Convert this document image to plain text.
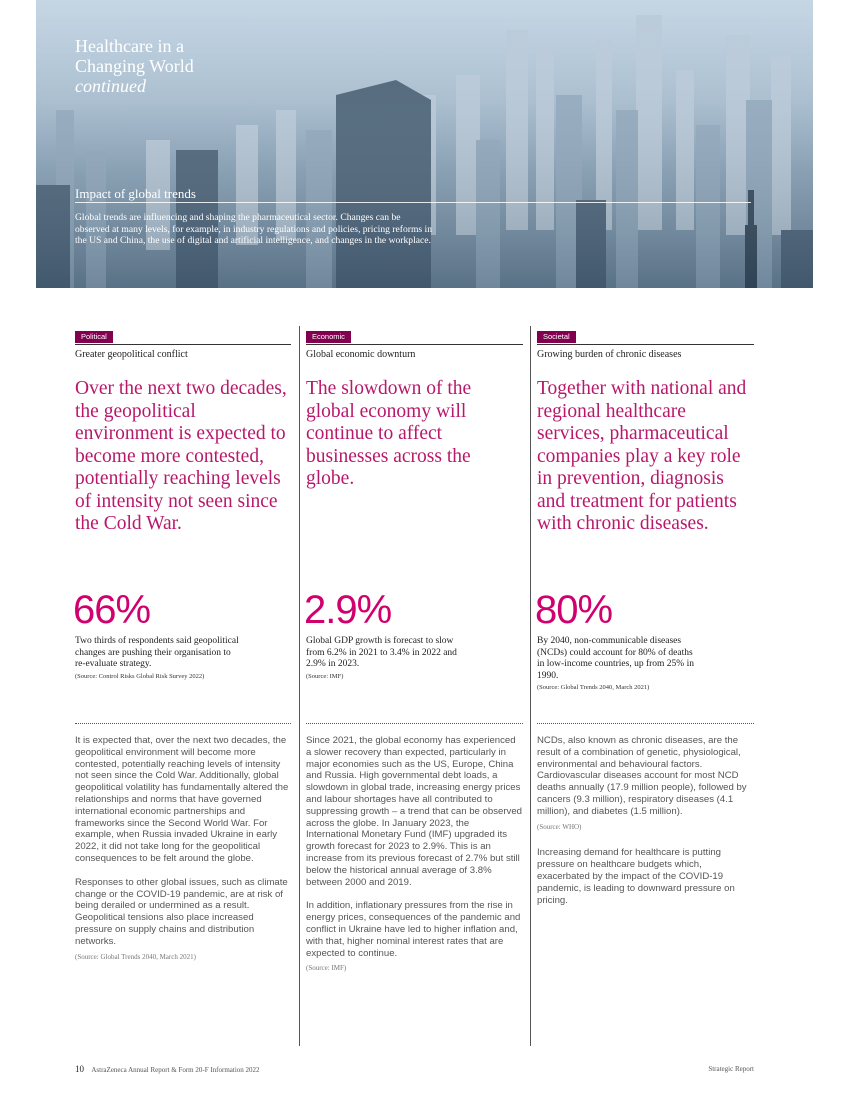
Healthcare in a
Changing World
continued
Impact of global trends
Global trends are influencing and shaping the pharmaceutical sector. Changes can be observed at many levels, for example, in industry regulations and policies, pricing reforms in the US and China, the use of digital and artificial intelligence, and changes in the workplace.
Political
Greater geopolitical conflict
Over the next two decades, the geopolitical environment is expected to become more contested, potentially reaching levels of intensity not seen since the Cold War.
66%
Two thirds of respondents said geopolitical changes are pushing their organisation to re-evaluate strategy.
(Source: Control Risks Global Risk Survey 2022)

It is expected that, over the next two decades, the geopolitical environment will become more contested, potentially reaching levels of intensity not seen since the Cold War. Additionally, global geopolitical volatility has fundamentally altered the relationships and norms that have governed international economic partnerships and frameworks since the Second World War. For example, when Russia invaded Ukraine in early 2022, it did not take long for the geopolitical consequences to be felt around the globe.

Responses to other global issues, such as climate change or the COVID-19 pandemic, are at risk of being derailed or undermined as a result. Geopolitical tensions also place increased pressure on supply chains and distribution networks.

(Source: Global Trends 2040, March 2021)
Economic
Global economic downturn
The slowdown of the global economy will continue to affect businesses across the globe.
2.9%
Global GDP growth is forecast to slow from 6.2% in 2021 to 3.4% in 2022 and 2.9% in 2023.
(Source: IMF)

Since 2021, the global economy has experienced a slower recovery than expected, particularly in major economies such as the US, Europe, China and Russia. High governmental debt loads, a slowdown in global trade, increasing energy prices and labour shortages have all contributed to suppressing growth – a trend that can be observed across the globe. In January 2023, the International Monetary Fund (IMF) upgraded its growth forecast for 2023 to 2.9%. This is an increase from its previous forecast of 2.7% but still below the historical annual average of 3.8% between 2000 and 2019.

In addition, inflationary pressures from the rise in energy prices, consequences of the pandemic and conflict in Ukraine have led to higher inflation and, with that, higher nominal interest rates that are expected to continue.

(Source: IMF)
Societal
Growing burden of chronic diseases
Together with national and regional healthcare services, pharmaceutical companies play a key role in prevention, diagnosis and treatment for patients with chronic diseases.
80%
By 2040, non-communicable diseases (NCDs) could account for 80% of deaths in low-income countries, up from 25% in 1990.
(Source: Global Trends 2040, March 2021)

NCDs, also known as chronic diseases, are the result of a combination of genetic, physiological, environmental and behavioural factors. Cardiovascular diseases account for most NCD deaths annually (17.9 million people), followed by cancers (9.3 million), respiratory diseases (4.1 million), and diabetes (1.5 million).

(Source: WHO)

Increasing demand for healthcare is putting pressure on healthcare budgets which, exacerbated by the impact of the COVID-19 pandemic, is leading to downward pressure on pricing.

10 AstraZeneca Annual Report & Form 20-F Information 2022	Strategic Report
